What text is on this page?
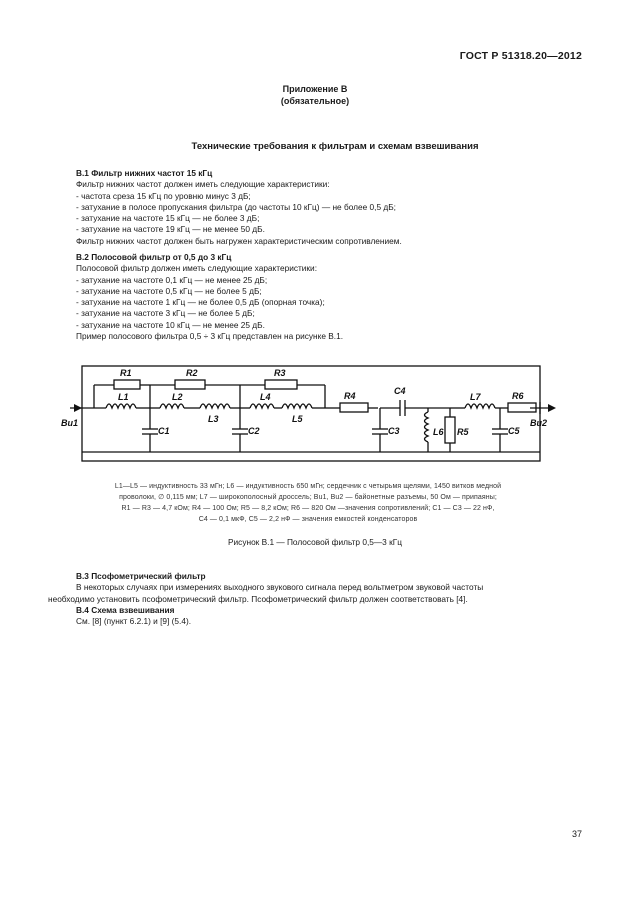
ГОСТ Р 51318.20—2012
Приложение В
(обязательное)
Технические требования к фильтрам и схемам взвешивания
В.1 Фильтр нижних частот 15 кГц
Фильтр нижних частот должен иметь следующие характеристики:
- частота среза 15 кГц по уровню минус 3 дБ;
- затухание в полосе пропускания фильтра (до частоты 10 кГц) — не более 0,5 дБ;
- затухание на частоте 15 кГц — не более 3 дБ;
- затухание на частоте 19 кГц — не менее 50 дБ.
Фильтр нижних частот должен быть нагружен характеристическим сопротивлением.
В.2 Полосовой фильтр от 0,5 до 3 кГц
Полосовой фильтр должен иметь следующие характеристики:
- затухание на частоте 0,1 кГц — не менее 25 дБ;
- затухание на частоте 0,5 кГц — не более 5 дБ;
- затухание на частоте 1 кГц — не более 0,5 дБ (опорная точка);
- затухание на частоте 3 кГц — не более 5 дБ;
- затухание на частоте 10 кГц — не менее 25 дБ.
Пример полосового фильтра 0,5 ÷ 3 кГц представлен на рисунке В.1.
R1	R2	R3
R4
R5
R6
L1	L2
L3
L4
L5
L6
L7
C1	C2	C3
C4
C5
Bu1	Bu2
L1—L5 — индуктивность 33 мГн; L6 — индуктивность 650 мГн; сердечник с четырьмя щелями, 1450 витков медной
проволоки, ∅ 0,115 мм; L7 — широкополосный дроссель; Bu1, Bu2 — байонетные разъемы, 50 Ом — припаяны;
R1 — R3 — 4,7 кОм; R4 — 100 Ом; R5 — 8,2 кОм; R6 — 820 Ом —значения сопротивлений; C1 — C3 — 22 нФ,
C4 — 0,1 мкФ, C5 — 2,2 нФ — значения емкостей конденсаторов
Рисунок В.1 — Полосовой фильтр 0,5—3 кГц
В.3 Псофометрический фильтр
В некоторых случаях при измерениях выходного звукового сигнала перед вольтметром звуковой частоты
необходимо установить псофометрический фильтр. Псофометрический фильтр должен соответствовать [4].
В.4 Схема взвешивания
См. [8] (пункт 6.2.1) и [9] (5.4).
37
